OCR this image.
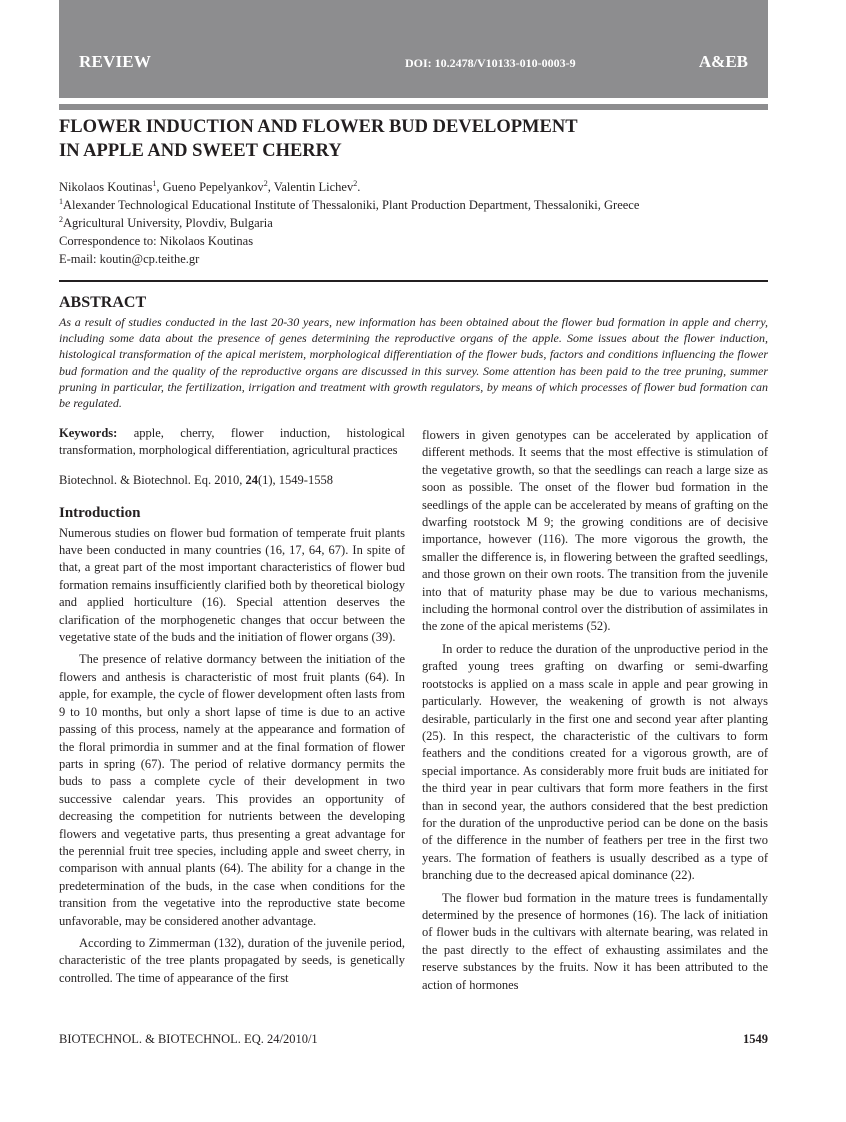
REVIEW	DOI: 10.2478/V10133-010-0003-9	A&EB
FLOWER INDUCTION AND FLOWER BUD DEVELOPMENT
IN APPLE AND SWEET CHERRY
Nikolaos Koutinas$^1$, Gueno Pepelyankov$^2$, Valentin Lichev$^2$.
$^1$Alexander Technological Educational Institute of Thessaloniki, Plant Production Department, Thessaloniki, Greece
$^2$Agricultural University, Plovdiv, Bulgaria
Correspondence to: Nikolaos Koutinas
E-mail: koutin@cp.teithe.gr
ABSTRACT
As a result of studies conducted in the last 20-30 years, new information has been obtained about the flower bud formation in apple and cherry, including some data about the presence of genes determining the reproductive organs of the apple. Some issues about the flower induction, histological transformation of the apical meristem, morphological differentiation of the flower buds, factors and conditions influencing the flower bud formation and the quality of the reproductive organs are discussed in this survey. Some attention has been paid to the tree pruning, summer pruning in particular, the fertilization, irrigation and treatment with growth regulators, by means of which processes of flower bud formation can be regulated.

Keywords: apple, cherry, flower induction, histological transformation, morphological differentiation, agricultural practices

Biotechnol. & Biotechnol. Eq. 2010, 24(1), 1549-1558

Introduction

Numerous studies on flower bud formation of temperate fruit plants have been conducted in many countries (16, 17, 64, 67). In spite of that, a great part of the most important characteristics of flower bud formation remains insufficiently clarified both by theoretical biology and applied horticulture (16). Special attention deserves the clarification of the morphogenetic changes that occur between the vegetative state of the buds and the initiation of flower organs (39).

The presence of relative dormancy between the initiation of the flowers and anthesis is characteristic of most fruit plants (64). In apple, for example, the cycle of flower development often lasts from 9 to 10 months, but only a short lapse of time is due to an active passing of this process, namely at the appearance and formation of the floral primordia in summer and at the final formation of flower parts in spring (67). The period of relative dormancy permits the buds to pass a complete cycle of their development in two successive calendar years. This provides an opportunity of decreasing the competition for nutrients between the developing flowers and vegetative parts, thus presenting a great advantage for the perennial fruit tree species, including apple and sweet cherry, in comparison with annual plants (64). The ability for a change in the predetermination of the buds, in the case when conditions for the transition from the vegetative into the reproductive state become unfavorable, may be considered another advantage.

According to Zimmerman (132), duration of the juvenile period, characteristic of the tree plants propagated by seeds, is genetically controlled. The time of appearance of the first

flowers in given genotypes can be accelerated by application of different methods. It seems that the most effective is stimulation of the vegetative growth, so that the seedlings can reach a large size as soon as possible. The onset of the flower bud formation in the seedlings of the apple can be accelerated by means of grafting on the dwarfing rootstock M 9; the growing conditions are of decisive importance, however (116). The more vigorous the growth, the smaller the difference is, in flowering between the grafted seedlings, and those grown on their own roots. The transition from the juvenile into that of maturity phase may be due to various mechanisms, including the hormonal control over the distribution of assimilates in the zone of the apical meristems (52).

In order to reduce the duration of the unproductive period in the grafted young trees grafting on dwarfing or semi-dwarfing rootstocks is applied on a mass scale in apple and pear growing in particularly. However, the weakening of growth is not always desirable, particularly in the first one and second year after planting (25). In this respect, the characteristic of the cultivars to form feathers and the conditions created for a vigorous growth, are of special importance. As considerably more fruit buds are initiated for the third year in pear cultivars that form more feathers in the first than in second year, the authors considered that the best prediction for the duration of the unproductive period can be done on the basis of the difference in the number of feathers per tree in the first two years. The formation of feathers is usually described as a type of branching due to the decreased apical dominance (22).

The flower bud formation in the mature trees is fundamentally determined by the presence of hormones (16). The lack of initiation of flower buds in the cultivars with alternate bearing, was related in the past directly to the effect of exhausting assimilates and the reserve substances by the fruits. Now it has been attributed to the action of hormones

BIOTECHNOL. & BIOTECHNOL. EQ. 24/2010/1	1549
